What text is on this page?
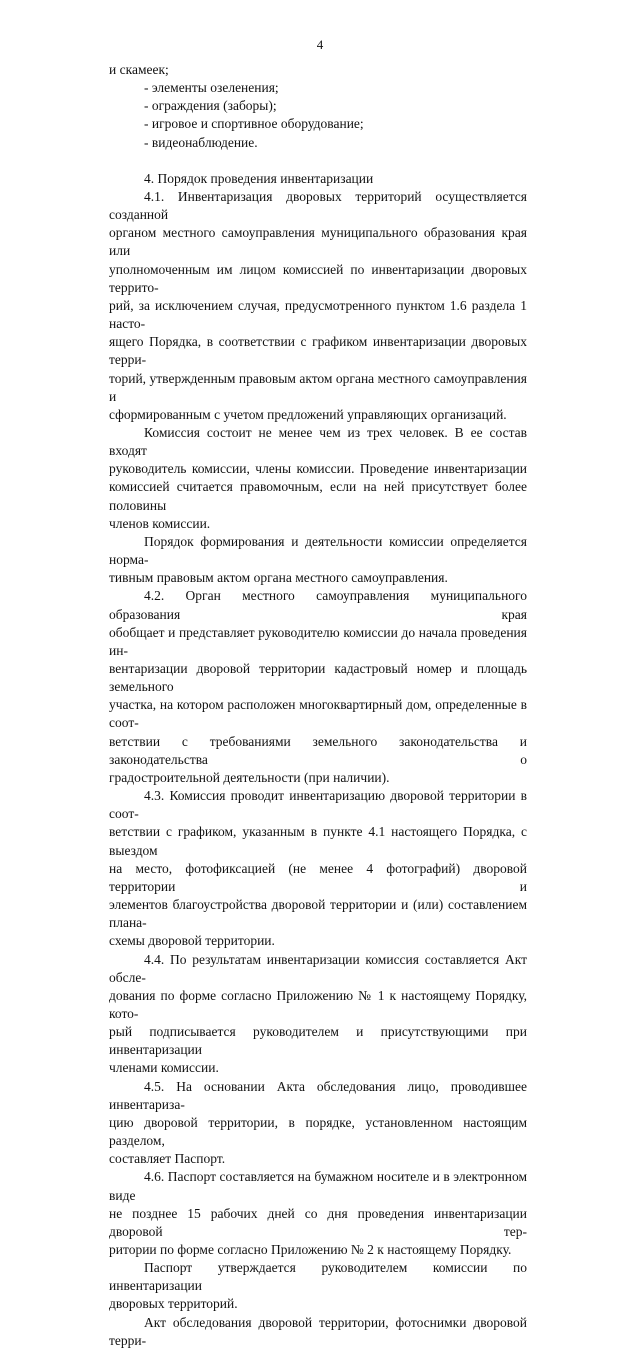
4

и скамеек;

- элементы озеленения;

- ограждения (заборы);

- игровое и спортивное оборудование;

- видеонаблюдение.

4. Порядок проведения инвентаризации

4.1. Инвентаризация дворовых территорий осуществляется созданной
органом местного самоуправления муниципального образования края или
уполномоченным им лицом комиссией по инвентаризации дворовых террито-
рий, за исключением случая, предусмотренного пунктом 1.6 раздела 1 насто-
ящего Порядка, в соответствии с графиком инвентаризации дворовых терри-
торий, утвержденным правовым актом органа местного самоуправления и
сформированным с учетом предложений управляющих организаций.
Комиссия состоит не менее чем из трех человек. В ее состав входят
руководитель комиссии, члены комиссии. Проведение инвентаризации
комиссией считается правомочным, если на ней присутствует более половины
членов комиссии.
Порядок формирования и деятельности комиссии определяется норма-
тивным правовым актом органа местного самоуправления.
4.2. Орган местного самоуправления муниципального образования края
обобщает и представляет руководителю комиссии до начала проведения ин-
вентаризации дворовой территории кадастровый номер и площадь земельного
участка, на котором расположен многоквартирный дом, определенные в соот-
ветствии с требованиями земельного законодательства и законодательства о
градостроительной деятельности (при наличии).
4.3. Комиссия проводит инвентаризацию дворовой территории в соот-
ветствии с графиком, указанным в пункте 4.1 настоящего Порядка, с выездом
на место, фотофиксацией (не менее 4 фотографий) дворовой территории и
элементов благоустройства дворовой территории и (или) составлением плана-
схемы дворовой территории.
4.4. По результатам инвентаризации комиссия составляется Акт обсле-
дования по форме согласно Приложению № 1 к настоящему Порядку, кото-
рый подписывается руководителем и присутствующими при инвентаризации
членами комиссии.
4.5. На основании Акта обследования лицо, проводившее инвентариза-
цию дворовой территории, в порядке, установленном настоящим разделом,
составляет Паспорт.
4.6. Паспорт составляется на бумажном носителе и в электронном виде
не позднее 15 рабочих дней со дня проведения инвентаризации дворовой тер-
ритории по форме согласно Приложению № 2 к настоящему Порядку.
Паспорт утверждается руководителем комиссии по инвентаризации
дворовых территорий.
Акт обследования дворовой территории, фотоснимки дворовой терри-
